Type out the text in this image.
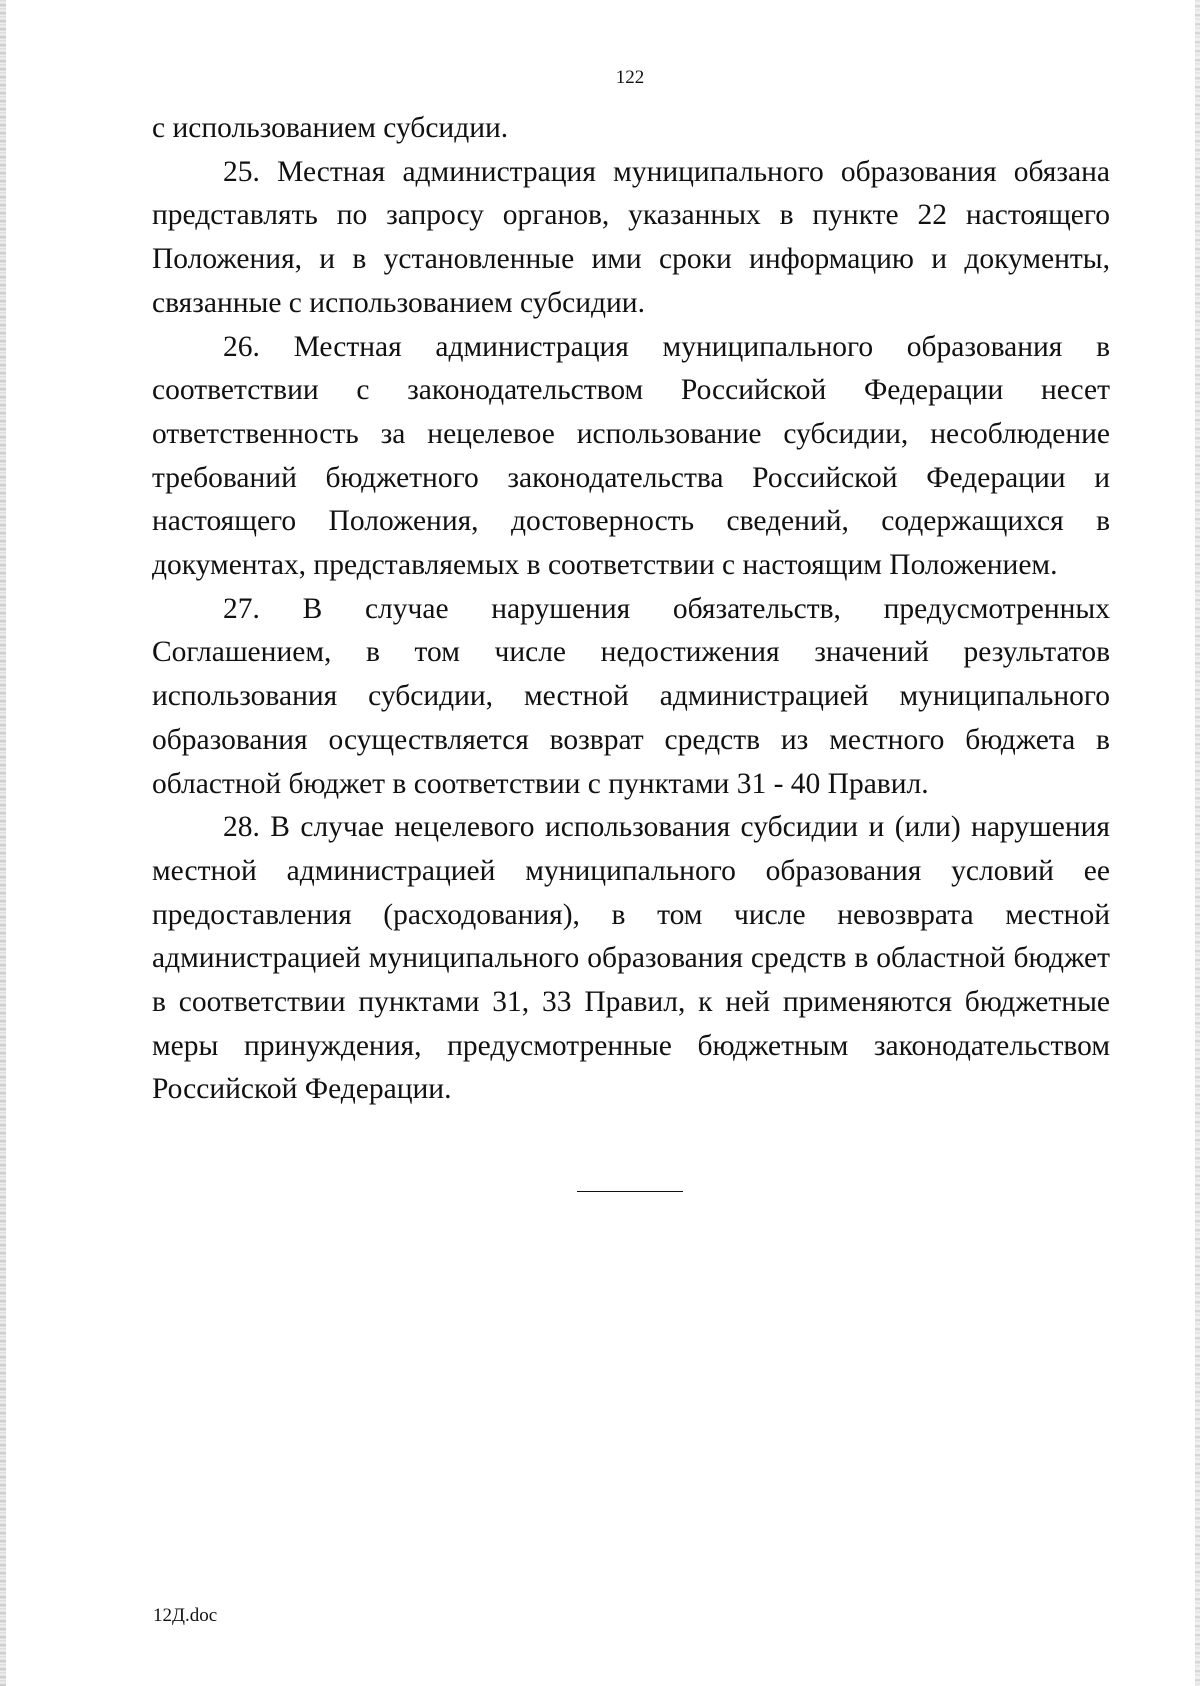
122

с использованием субсидии.

25. Местная администрация муниципального образования обязана представлять по запросу органов, указанных в пункте 22 настоящего Положения, и в установленные ими сроки информацию и документы, связанные с использованием субсидии.

26. Местная администрация муниципального образования в соответствии с законодательством Российской Федерации несет ответственность за нецелевое использование субсидии, несоблюдение требований бюджетного законодательства Российской Федерации и настоящего Положения, достоверность сведений, содержащихся в документах, представляемых в соответствии с настоящим Положением.

27. В случае нарушения обязательств, предусмотренных Соглашением, в том числе недостижения значений результатов использования субсидии, местной администрацией муниципального образования осуществляется возврат средств из местного бюджета в областной бюджет в соответствии с пунктами 31 - 40 Правил.

28. В случае нецелевого использования субсидии и (или) нарушения местной администрацией муниципального образования условий ее предоставления (расходования), в том числе невозврата местной администрацией муниципального образования средств в областной бюджет в соответствии пунктами 31, 33 Правил, к ней применяются бюджетные меры принуждения, предусмотренные бюджетным законодательством Российской Федерации.

12Д.doc
